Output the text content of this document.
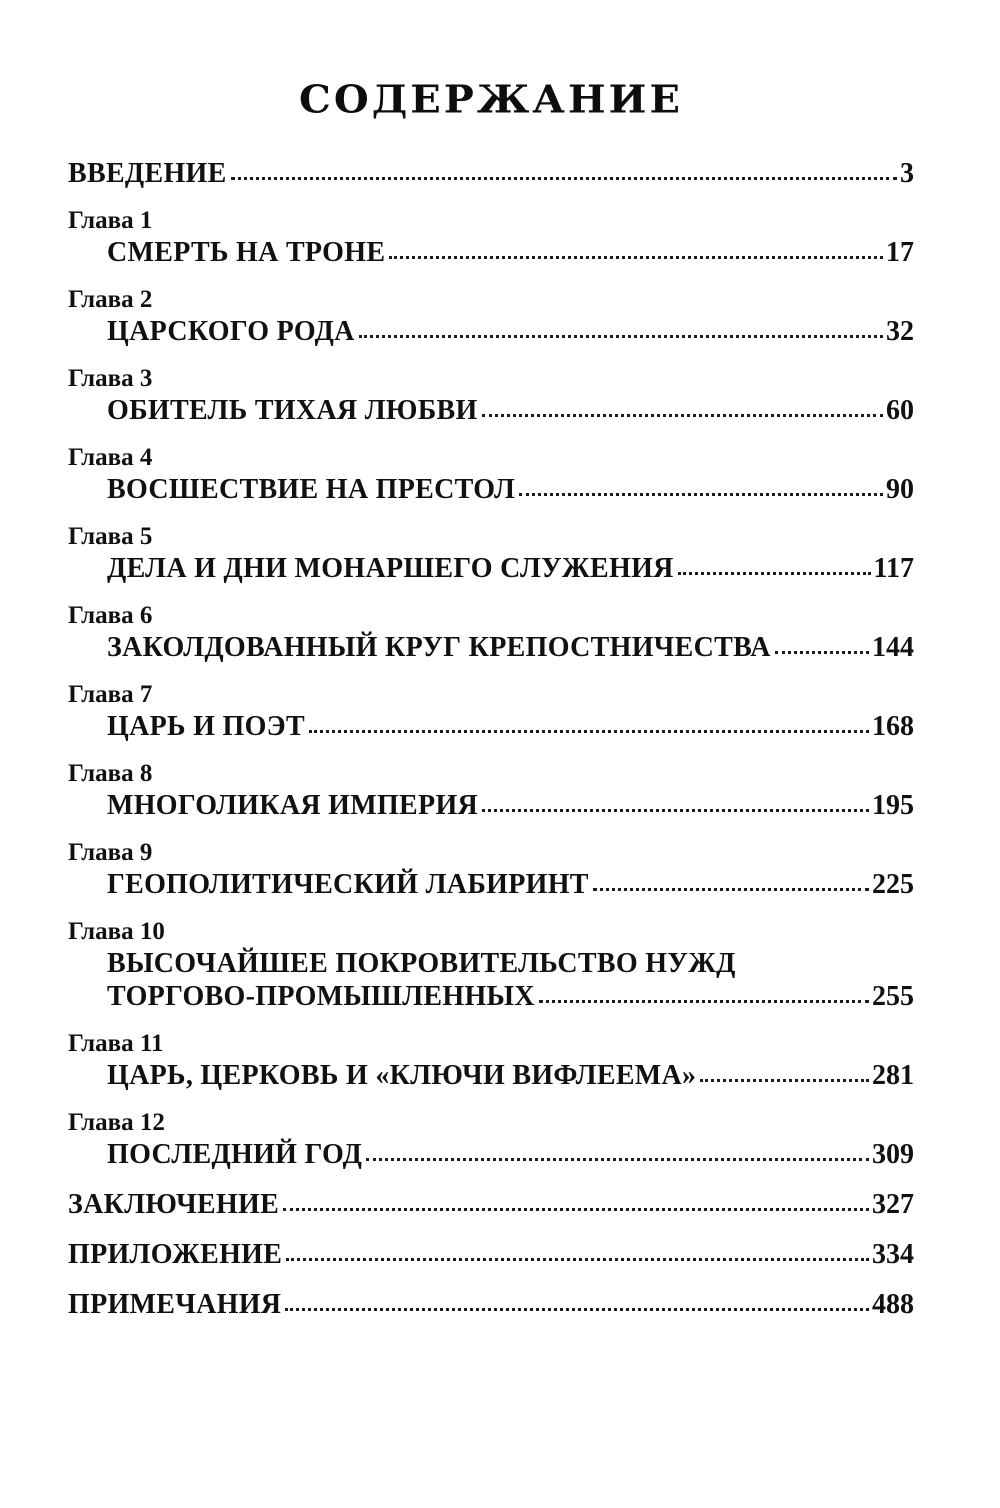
СОДЕРЖАНИЕ
ВВЕДЕНИЕ	3
Глава 1
СМЕРТЬ НА ТРОНЕ	17
Глава 2
ЦАРСКОГО РОДА	32
Глава 3
ОБИТЕЛЬ ТИХАЯ ЛЮБВИ	60
Глава 4
ВОСШЕСТВИЕ НА ПРЕСТОЛ	90
Глава 5
ДЕЛА И ДНИ МОНАРШЕГО СЛУЖЕНИЯ	117
Глава 6
ЗАКОЛДОВАННЫЙ КРУГ КРЕПОСТНИЧЕСТВА	144
Глава 7
ЦАРЬ И ПОЭТ	168
Глава 8
МНОГОЛИКАЯ ИМПЕРИЯ	195
Глава 9
ГЕОПОЛИТИЧЕСКИЙ ЛАБИРИНТ	225
Глава 10
ВЫСОЧАЙШЕЕ ПОКРОВИТЕЛЬСТВО НУЖД
ТОРГОВО-ПРОМЫШЛЕННЫХ	255
Глава 11
ЦАРЬ, ЦЕРКОВЬ И «КЛЮЧИ ВИФЛЕЕМА»	281
Глава 12
ПОСЛЕДНИЙ ГОД	309
ЗАКЛЮЧЕНИЕ	327
ПРИЛОЖЕНИЕ	334
ПРИМЕЧАНИЯ	488
